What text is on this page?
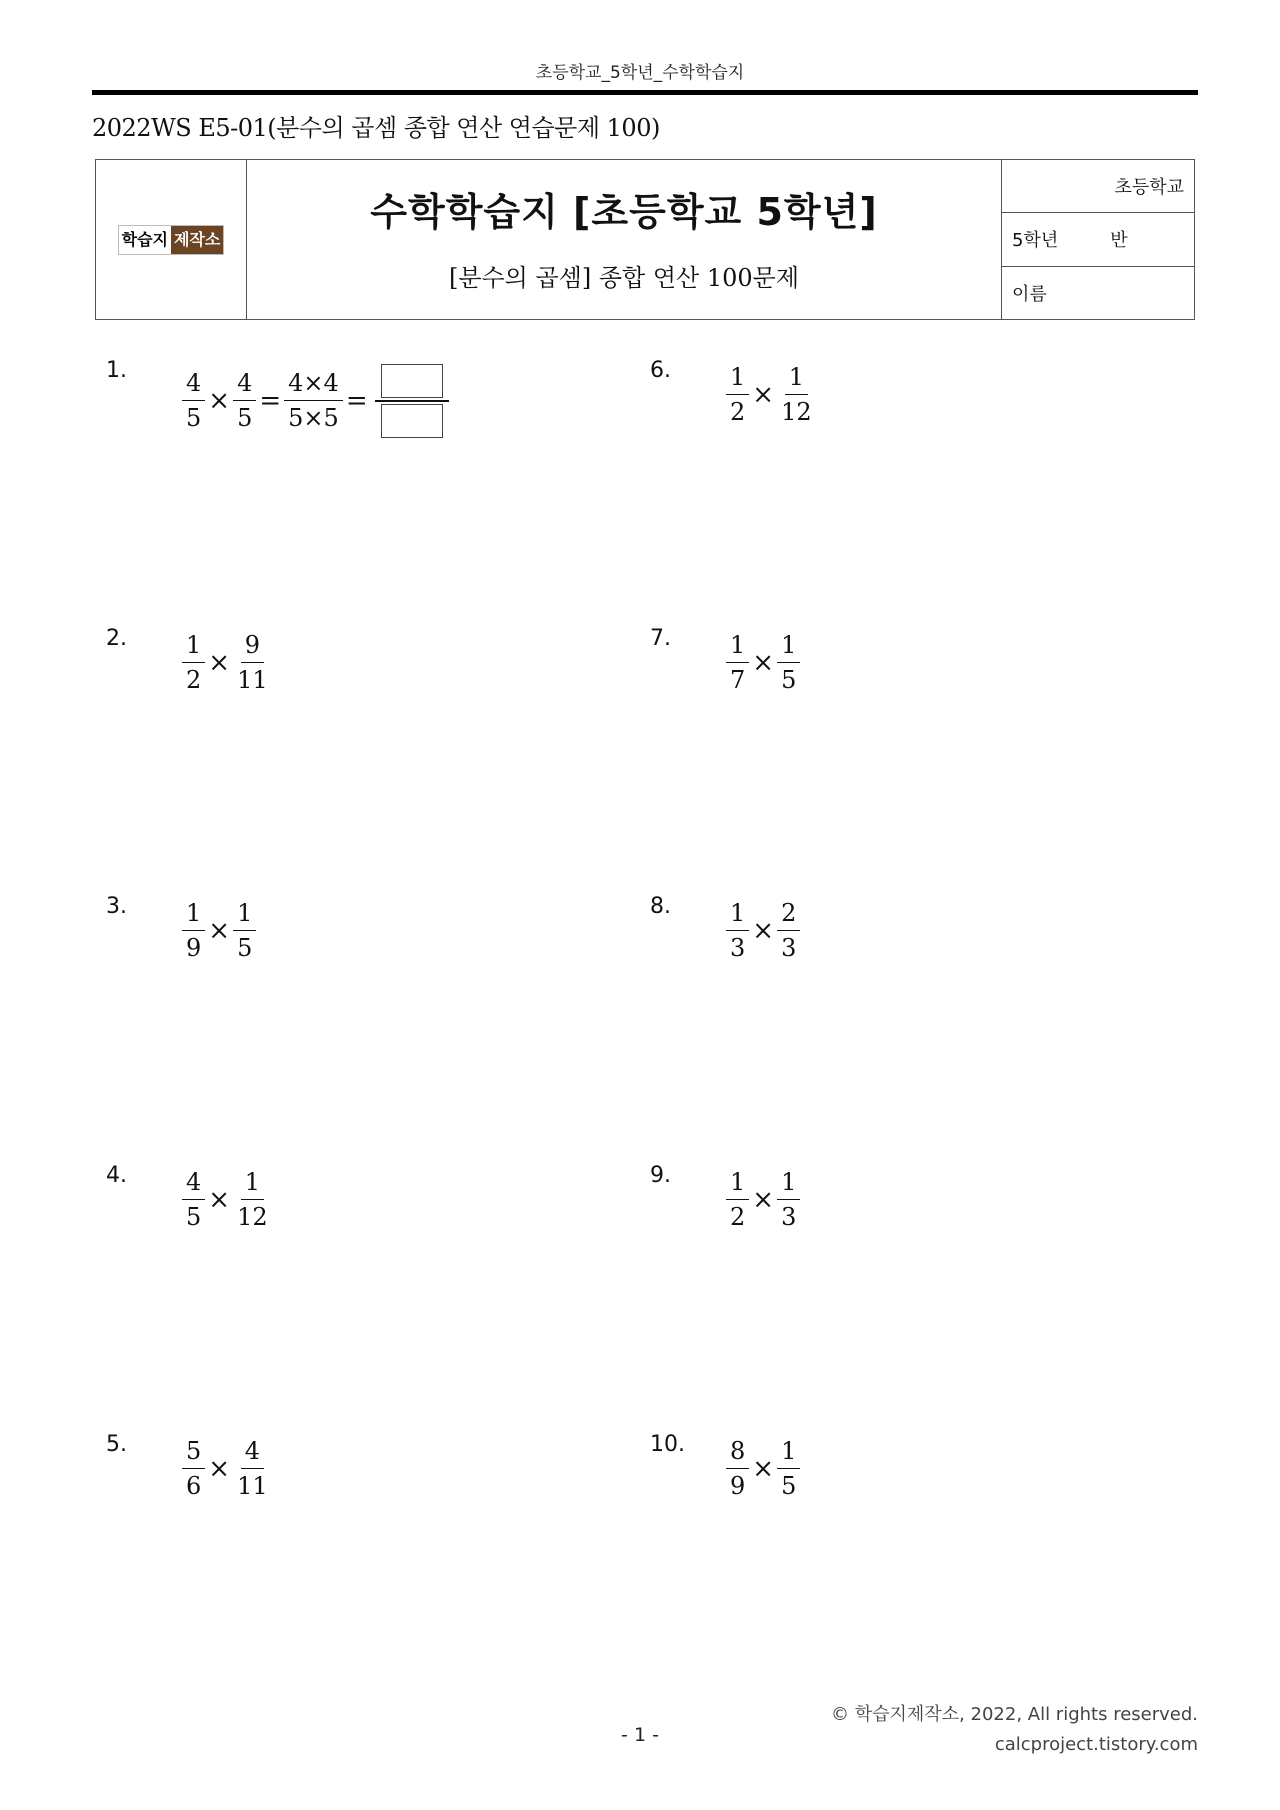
초등학교_5학년_수학학습지
2022WS E5-01(분수의 곱셈 종합 연산 연습문제 100)
학습지 제작소
수학학습지 [초등학교 5학년]
[분수의 곱셈] 종합 연산 100문제
초등학교
5학년	반
이름
1. $\frac{4}{5} \times \frac{4}{5} = \frac{4\times 4}{5\times 5}$ =
2. $\frac{1}{2} \times \frac{9}{11}$
3. $\frac{1}{9} \times \frac{1}{5}$
4. $\frac{4}{5} \times \frac{1}{12}$
5. $\frac{5}{6} \times \frac{4}{11}$
6. $\frac{1}{2} \times \frac{1}{12}$
7. $\frac{1}{7} \times \frac{1}{5}$
8. $\frac{1}{3} \times \frac{2}{3}$
9. $\frac{1}{2} \times \frac{1}{3}$
10. $\frac{8}{9} \times \frac{1}{5}$
© 학습지제작소, 2022, All rights reserved.
calcproject.tistory.com
- 1 -
